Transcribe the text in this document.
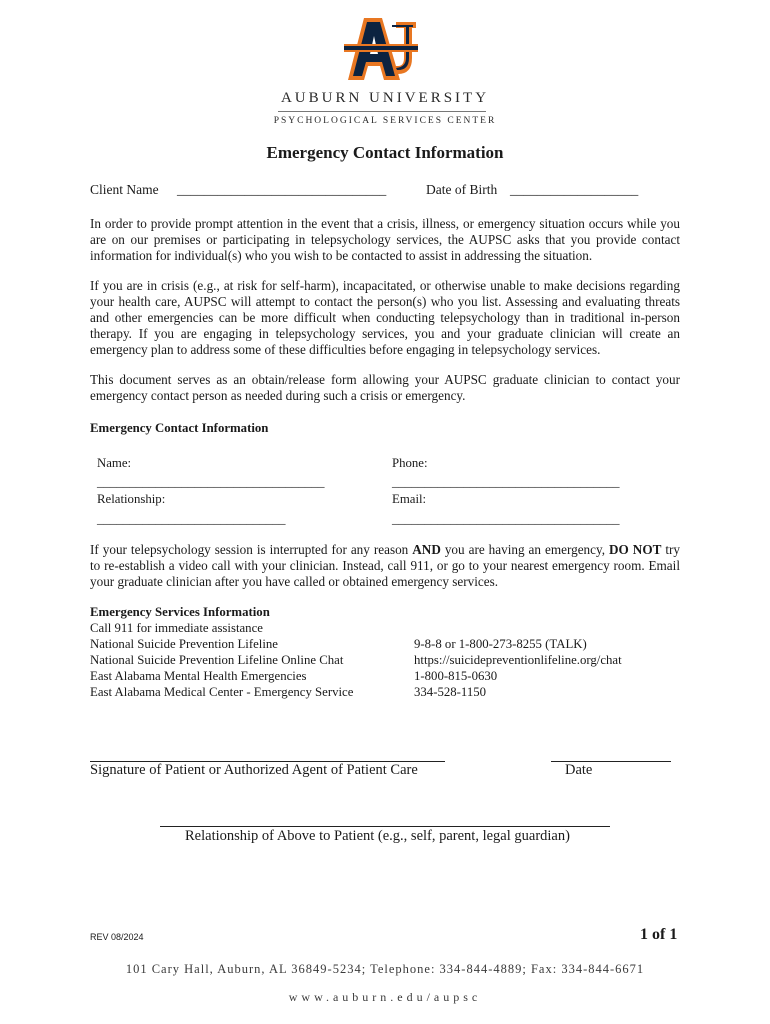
AUBURN UNIVERSITY
PSYCHOLOGICAL SERVICES CENTER
Emergency Contact Information
Client Name _______________________________	Date of Birth ___________________
In order to provide prompt attention in the event that a crisis, illness, or emergency situation occurs while you are on our premises or participating in telepsychology services, the AUPSC asks that you provide contact information for individual(s) who you wish to be contacted to assist in addressing the situation.
If you are in crisis (e.g., at risk for self-harm), incapacitated, or otherwise unable to make decisions regarding your health care, AUPSC will attempt to contact the person(s) who you list. Assessing and evaluating threats and other emergencies can be more difficult when conducting telepsychology than in traditional in-person therapy. If you are engaging in telepsychology services, you and your graduate clinician will create an emergency plan to address some of these difficulties before engaging in telepsychology services.
This document serves as an obtain/release form allowing your AUPSC graduate clinician to contact your emergency contact person as needed during such a crisis or emergency.
Emergency Contact Information
Name:
___________________________________
Phone:
___________________________________
Relationship:
_____________________________
Email:
___________________________________
If your telepsychology session is interrupted for any reason AND you are having an emergency, DO NOT try to re-establish a video call with your clinician. Instead, call 911, or go to your nearest emergency room. Email your graduate clinician after you have called or obtained emergency services.
Emergency Services Information
Call 911 for immediate assistance
National Suicide Prevention Lifeline	9-8-8 or 1-800-273-8255 (TALK)
National Suicide Prevention Lifeline Online Chat	https://suicidepreventionlifeline.org/chat
East Alabama Mental Health Emergencies	1-800-815-0630
East Alabama Medical Center - Emergency Service	334-528-1150
Signature of Patient or Authorized Agent of Patient Care	Date
Relationship of Above to Patient (e.g., self, parent, legal guardian)
REV 08/2024	1 of 1
101 Cary Hall, Auburn, AL 36849-5234; Telephone: 334-844-4889; Fax: 334-844-6671
www.auburn.edu/aupsc
